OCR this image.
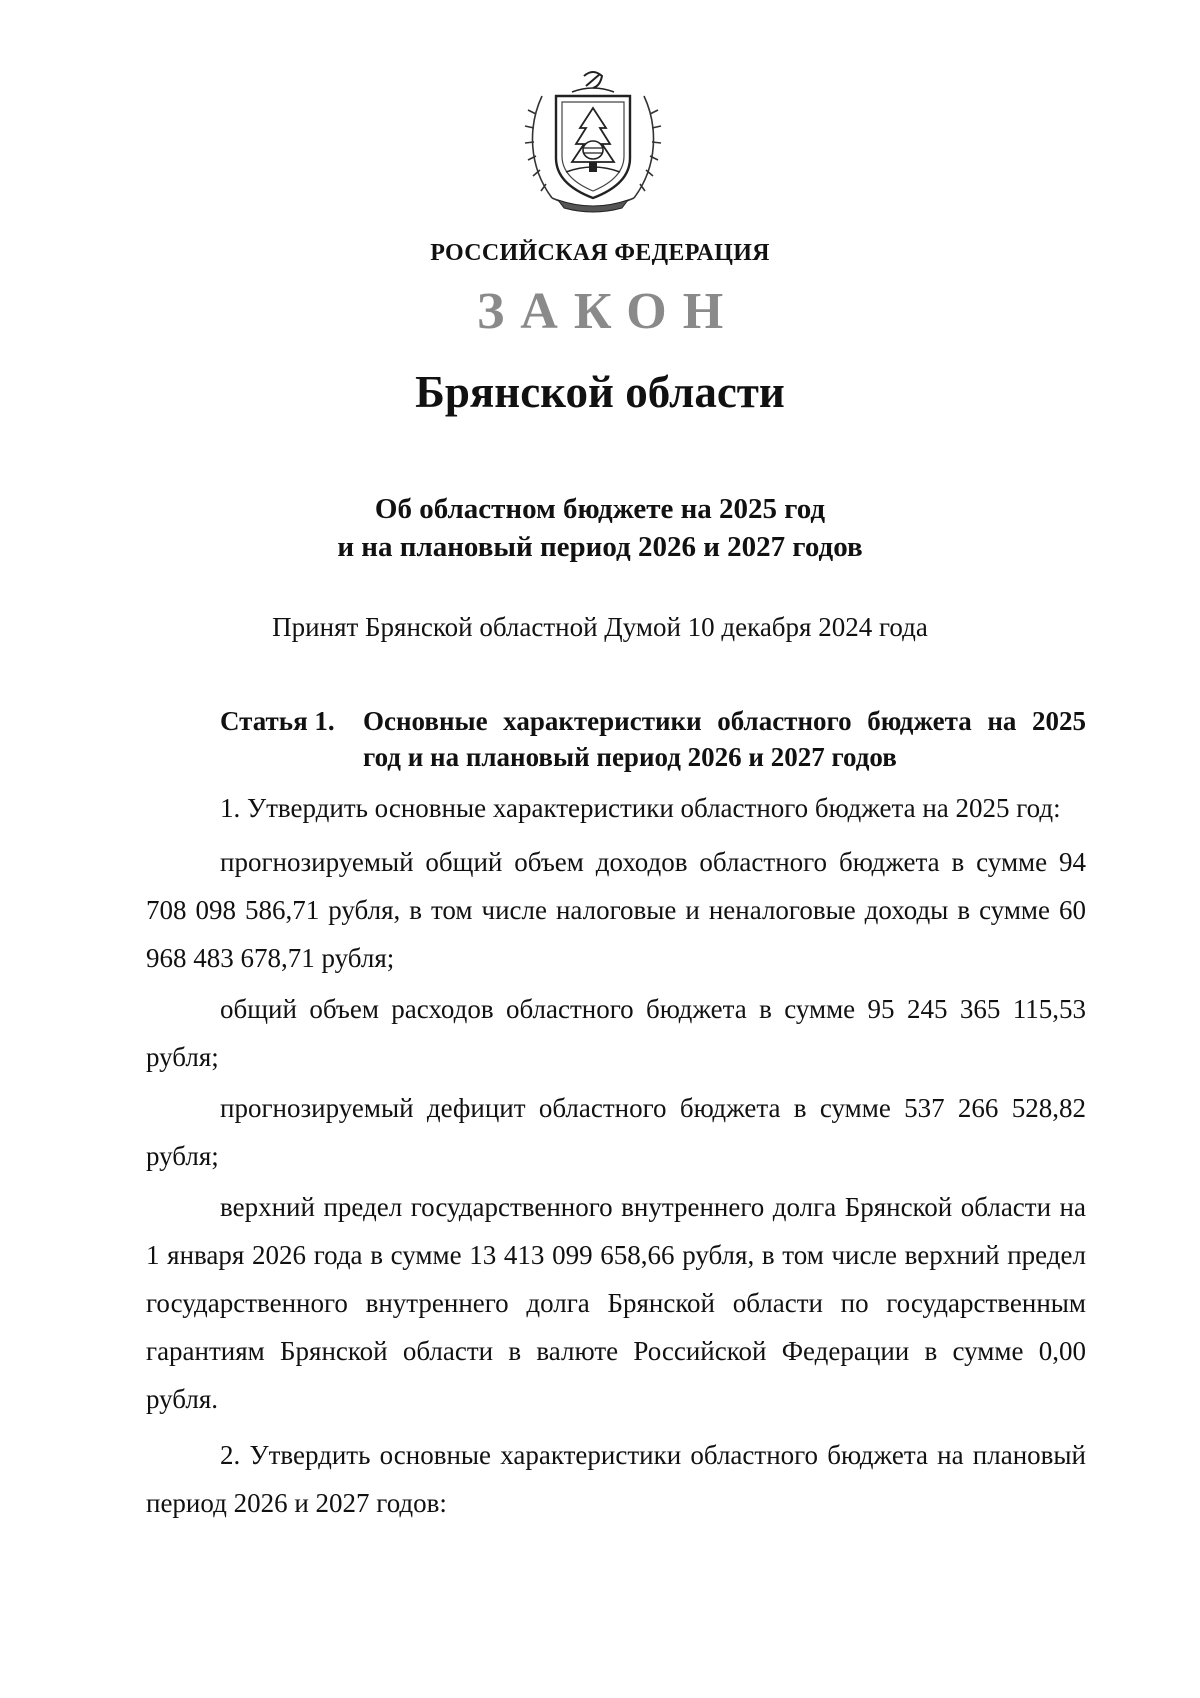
РОССИЙСКАЯ ФЕДЕРАЦИЯ
ЗАКОН
Брянской области
Об областном бюджете на 2025 год
и на плановый период 2026 и 2027 годов
Принят Брянской областной Думой 10 декабря 2024 года
Статья 1. Основные характеристики областного бюджета на 2025 год и на плановый период 2026 и 2027 годов

1. Утвердить основные характеристики областного бюджета на 2025 год:

прогнозируемый общий объем доходов областного бюджета в сумме 94 708 098 586,71 рубля, в том числе налоговые и неналоговые доходы в сумме 60 968 483 678,71 рубля;

общий объем расходов областного бюджета в сумме 95 245 365 115,53 рубля;

прогнозируемый дефицит областного бюджета в сумме 537 266 528,82 рубля;

верхний предел государственного внутреннего долга Брянской области на 1 января 2026 года в сумме 13 413 099 658,66 рубля, в том числе верхний предел государственного внутреннего долга Брянской области по государственным гарантиям Брянской области в валюте Российской Федерации в сумме 0,00 рубля.

2. Утвердить основные характеристики областного бюджета на плановый период 2026 и 2027 годов:
